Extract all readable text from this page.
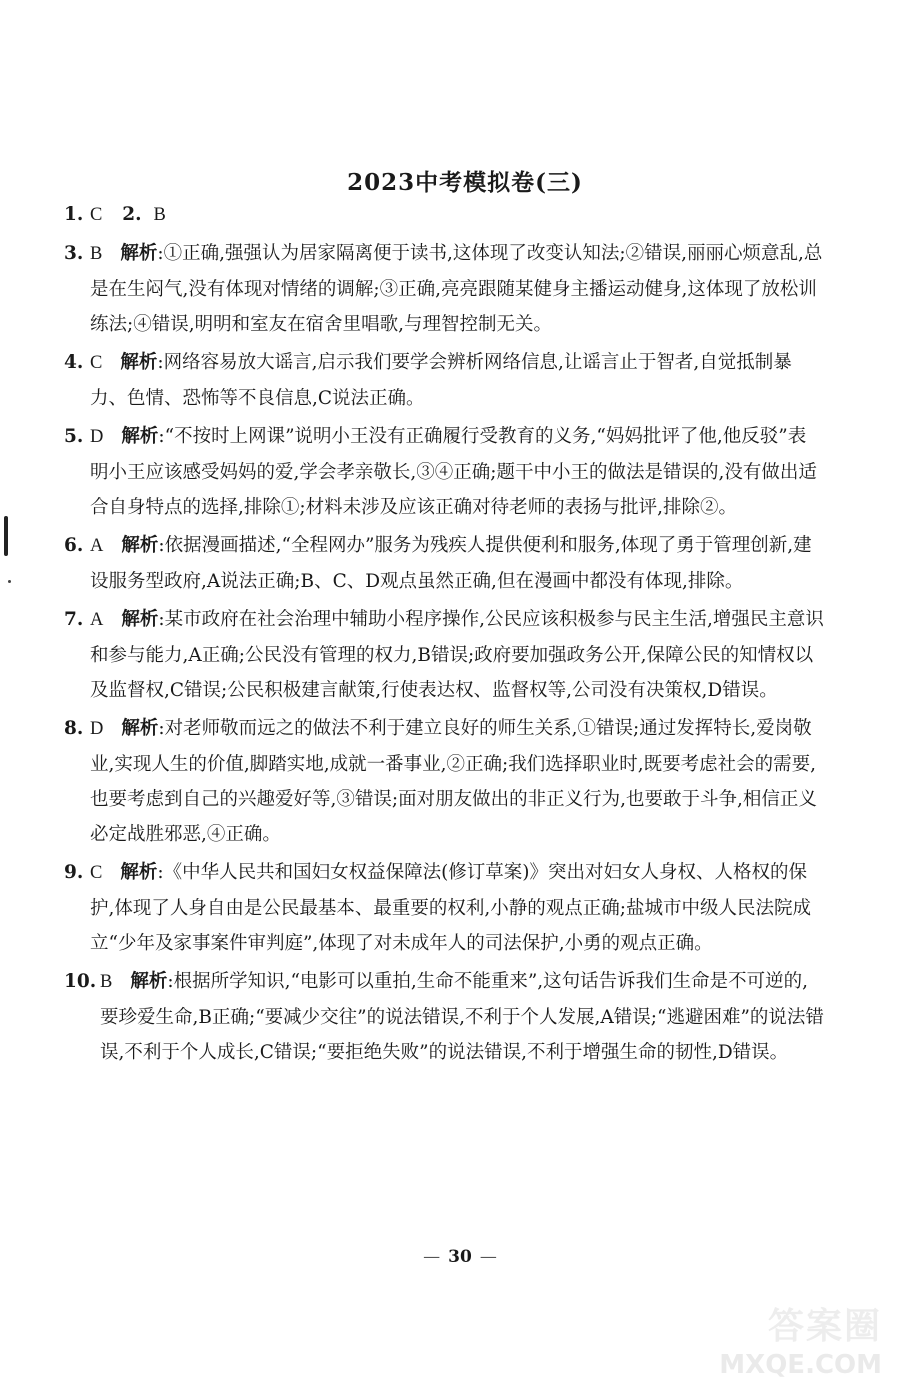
2023中考模拟卷(三)
1. C 2. B
3. B 解析:①正确,强强认为居家隔离便于读书,这体现了改变认知法;②错误,丽丽心烦意乱,总是在生闷气,没有体现对情绪的调解;③正确,亮亮跟随某健身主播运动健身,这体现了放松训练法;④错误,明明和室友在宿舍里唱歌,与理智控制无关。
4. C 解析:网络容易放大谣言,启示我们要学会辨析网络信息,让谣言止于智者,自觉抵制暴力、色情、恐怖等不良信息,C说法正确。
5. D 解析:“不按时上网课”说明小王没有正确履行受教育的义务,“妈妈批评了他,他反驳”表明小王应该感受妈妈的爱,学会孝亲敬长,③④正确;题干中小王的做法是错误的,没有做出适合自身特点的选择,排除①;材料未涉及应该正确对待老师的表扬与批评,排除②。
6. A 解析:依据漫画描述,“全程网办”服务为残疾人提供便利和服务,体现了勇于管理创新,建设服务型政府,A说法正确;B、C、D观点虽然正确,但在漫画中都没有体现,排除。
7. A 解析:某市政府在社会治理中辅助小程序操作,公民应该积极参与民主生活,增强民主意识和参与能力,A正确;公民没有管理的权力,B错误;政府要加强政务公开,保障公民的知情权以及监督权,C错误;公民积极建言献策,行使表达权、监督权等,公司没有决策权,D错误。
8. D 解析:对老师敬而远之的做法不利于建立良好的师生关系,①错误;通过发挥特长,爱岗敬业,实现人生的价值,脚踏实地,成就一番事业,②正确;我们选择职业时,既要考虑社会的需要,也要考虑到自己的兴趣爱好等,③错误;面对朋友做出的非正义行为,也要敢于斗争,相信正义必定战胜邪恶,④正确。
9. C 解析:《中华人民共和国妇女权益保障法(修订草案)》突出对妇女人身权、人格权的保护,体现了人身自由是公民最基本、最重要的权利,小静的观点正确;盐城市中级人民法院成立“少年及家事案件审判庭”,体现了对未成年人的司法保护,小勇的观点正确。
10. B 解析:根据所学知识,“电影可以重拍,生命不能重来”,这句话告诉我们生命是不可逆的,要珍爱生命,B正确;“要减少交往”的说法错误,不利于个人发展,A错误;“逃避困难”的说法错误,不利于个人成长,C错误;“要拒绝失败”的说法错误,不利于增强生命的韧性,D错误。
— 30 —
答案圈
MXQE.COM
